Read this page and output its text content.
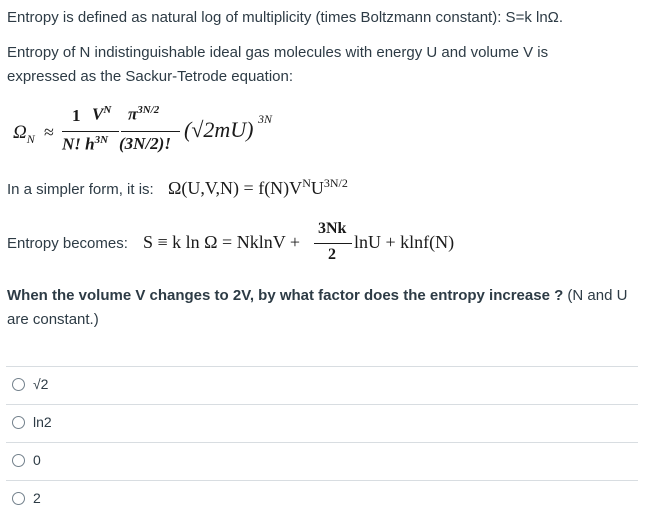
Entropy is defined as natural log of multiplicity (times Boltzmann constant): S=k lnΩ.
Entropy of N indistinguishable ideal gas molecules with energy U and volume V is
expressed as the Sackur-Tetrode equation:
$\Omega_N$ ≈
1 $V^N$ $\pi^{3N/2}$
N! $h^{3N}$ (3N/2)!
(√2mU) 3N
In a simpler form, it is: $\Omega(U,V,N) = f(N)V^NU^{3N/2}$
Entropy becomes: S ≡ k ln Ω = NklnV +
3Nk
2
lnU + klnf(N)
When the volume V changes to 2V, by what factor does the entropy increase ? (N and U
are constant.)
√2
ln2
0
2
